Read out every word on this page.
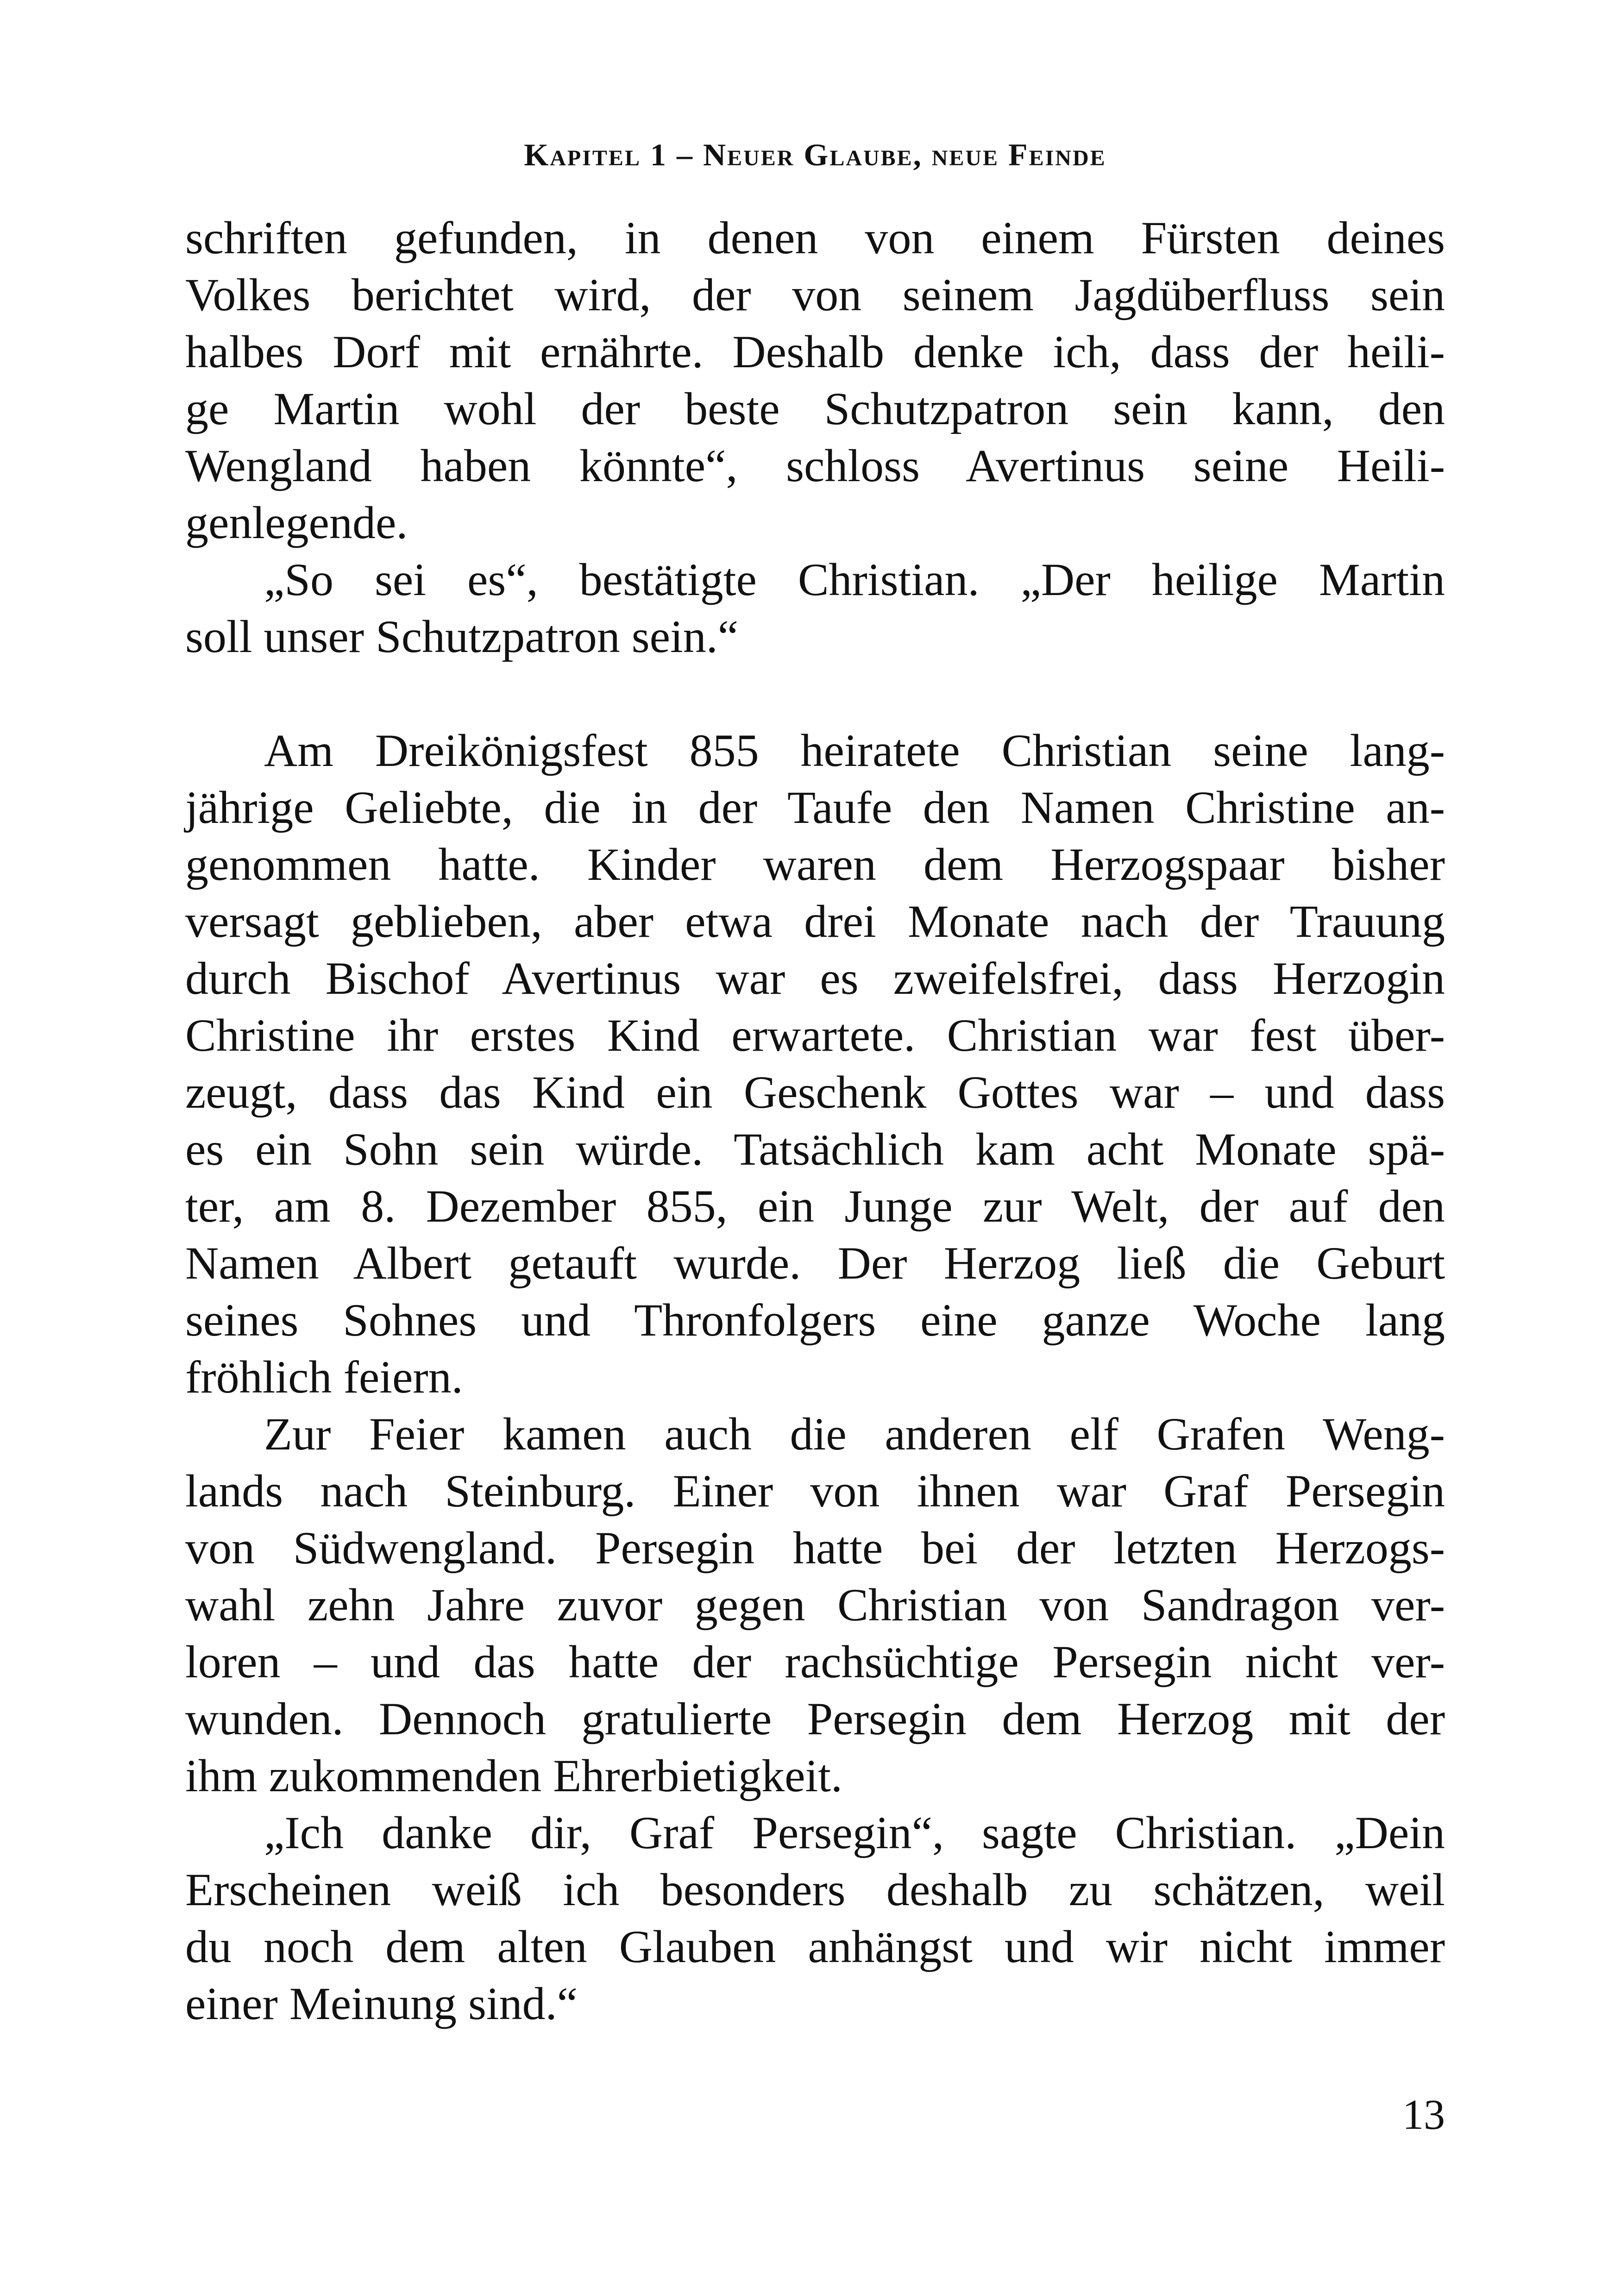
Kapitel 1 – Neuer Glaube, neue Feinde
schriften gefunden, in denen von einem Fürsten deines
Volkes berichtet wird, der von seinem Jagdüberfluss sein
halbes Dorf mit ernährte. Deshalb denke ich, dass der heili-
ge Martin wohl der beste Schutzpatron sein kann, den
Wengland haben könnte“, schloss Avertinus seine Heili-
genlegende.
„So sei es“, bestätigte Christian. „Der heilige Martin
soll unser Schutzpatron sein.“
Am Dreikönigsfest 855 heiratete Christian seine lang-
jährige Geliebte, die in der Taufe den Namen Christine an-
genommen hatte. Kinder waren dem Herzogspaar bisher
versagt geblieben, aber etwa drei Monate nach der Trauung
durch Bischof Avertinus war es zweifelsfrei, dass Herzogin
Christine ihr erstes Kind erwartete. Christian war fest über-
zeugt, dass das Kind ein Geschenk Gottes war – und dass
es ein Sohn sein würde. Tatsächlich kam acht Monate spä-
ter, am 8. Dezember 855, ein Junge zur Welt, der auf den
Namen Albert getauft wurde. Der Herzog ließ die Geburt
seines Sohnes und Thronfolgers eine ganze Woche lang
fröhlich feiern.
Zur Feier kamen auch die anderen elf Grafen Weng-
lands nach Steinburg. Einer von ihnen war Graf Persegin
von Südwengland. Persegin hatte bei der letzten Herzogs-
wahl zehn Jahre zuvor gegen Christian von Sandragon ver-
loren – und das hatte der rachsüchtige Persegin nicht ver-
wunden. Dennoch gratulierte Persegin dem Herzog mit der
ihm zukommenden Ehrerbietigkeit.
„Ich danke dir, Graf Persegin“, sagte Christian. „Dein
Erscheinen weiß ich besonders deshalb zu schätzen, weil
du noch dem alten Glauben anhängst und wir nicht immer
einer Meinung sind.“
13
